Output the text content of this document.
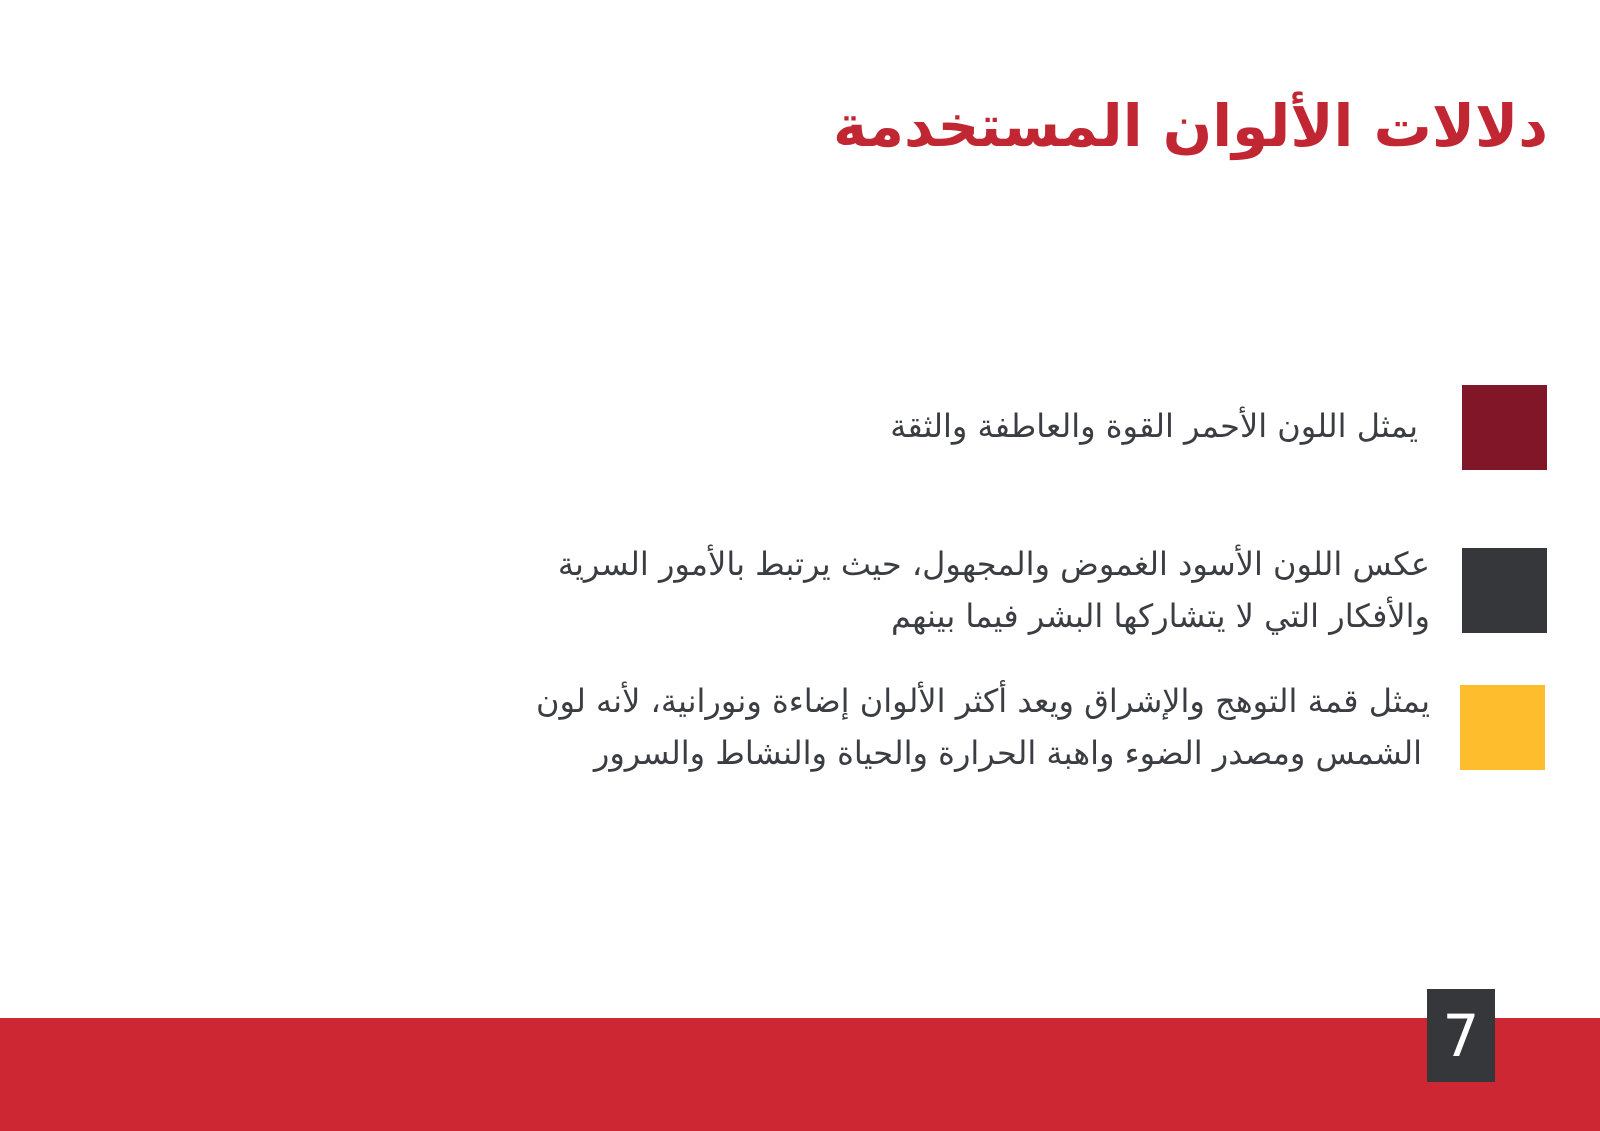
دلالات الألوان المستخدمة

يمثل اللون الأحمر القوة والعاطفة والثقة

عكس اللون الأسود الغموض والمجهول، حيث يرتبط بالأمور السرية
والأفكار التي لا يتشاركها البشر فيما بينهم

يمثل قمة التوهج والإشراق ويعد أكثر الألوان إضاءة ونورانية، لأنه لون
الشمس ومصدر الضوء واهبة الحرارة والحياة والنشاط والسرور

7
